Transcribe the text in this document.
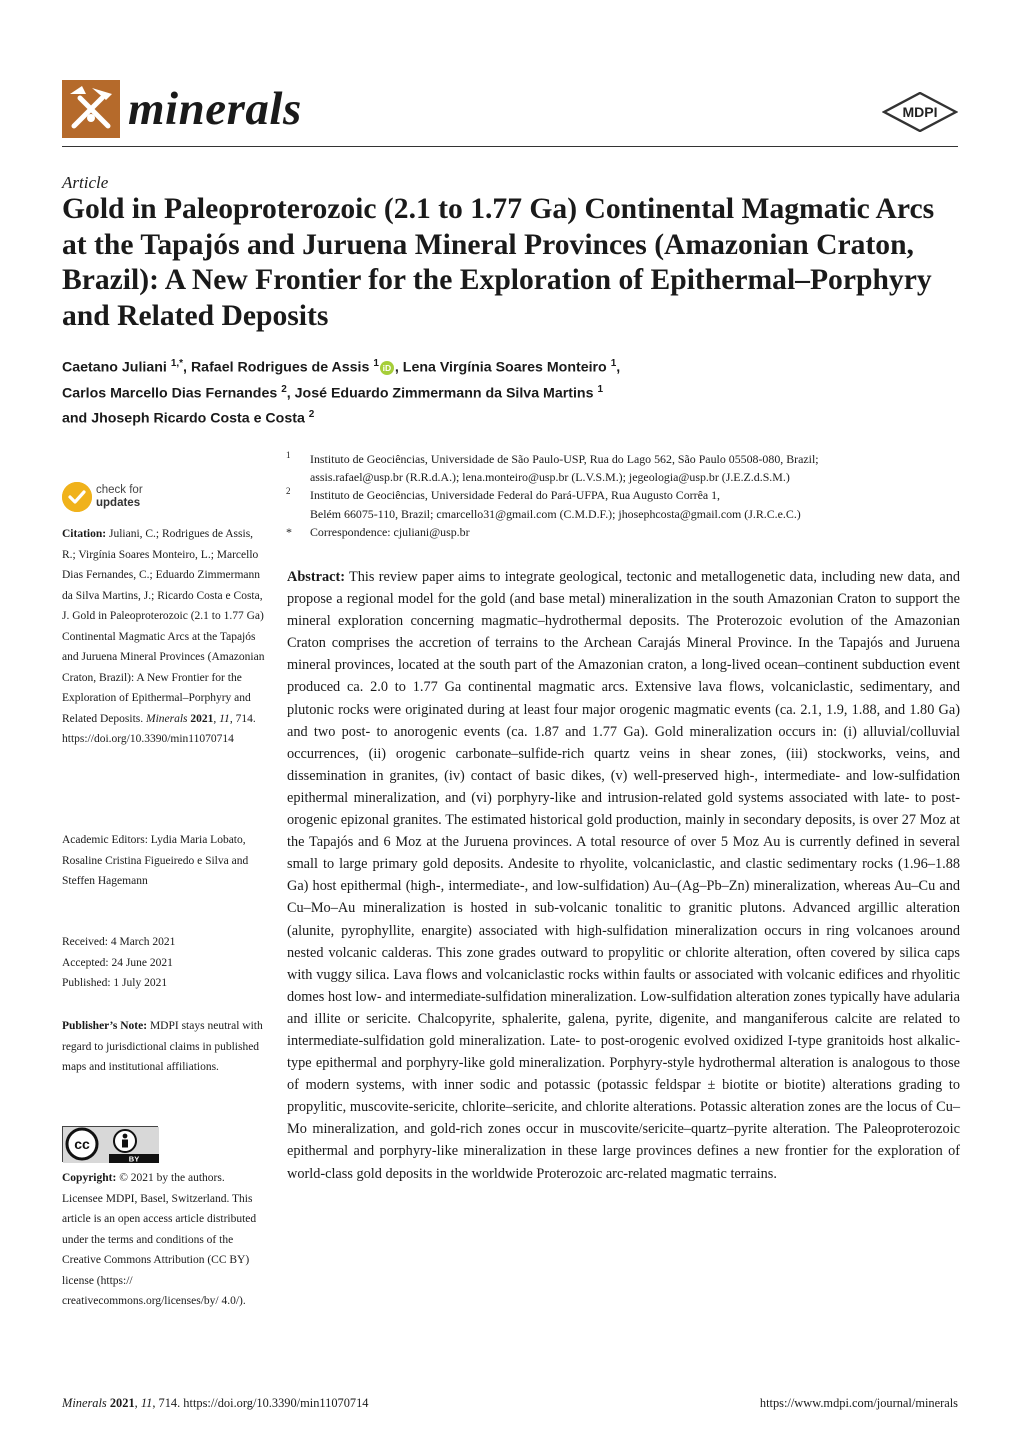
minerals	MDPI
Article
Gold in Paleoproterozoic (2.1 to 1.77 Ga) Continental Magmatic Arcs at the Tapajós and Juruena Mineral Provinces (Amazonian Craton, Brazil): A New Frontier for the Exploration of Epithermal–Porphyry and Related Deposits
Caetano Juliani $^{1,*}$, Rafael Rodrigues de Assis $^1$ iD , Lena Virgínia Soares Monteiro $^1$,
Carlos Marcello Dias Fernandes $^2$, José Eduardo Zimmermann da Silva Martins $^1$
and Jhoseph Ricardo Costa e Costa $^2$
1 Instituto de Geociências, Universidade de São Paulo-USP, Rua do Lago 562, São Paulo 05508-080, Brazil;
assis.rafael@usp.br (R.R.d.A.); lena.monteiro@usp.br (L.V.S.M.); jegeologia@usp.br (J.E.Z.d.S.M.)
2 Instituto de Geociências, Universidade Federal do Pará-UFPA, Rua Augusto Corrêa 1,
Belém 66075-110, Brazil; cmarcello31@gmail.com (C.M.D.F.); jhosephcosta@gmail.com (J.R.C.e.C.)
* Correspondence: cjuliani@usp.br
check for
updates
Citation: Juliani, C.; Rodrigues de Assis, R.; Virgínia Soares Monteiro, L.; Marcello Dias Fernandes, C.; Eduardo Zimmermann da Silva Martins, J.; Ricardo Costa e Costa, J. Gold in Paleoproterozoic (2.1 to 1.77 Ga) Continental Magmatic Arcs at the Tapajós and Juruena Mineral Provinces (Amazonian Craton, Brazil): A New Frontier for the Exploration of Epithermal–Porphyry and Related Deposits. Minerals 2021, 11, 714. https://doi.org/10.3390/min11070714
Academic Editors: Lydia Maria Lobato, Rosaline Cristina Figueiredo e Silva and Steffen Hagemann
Received: 4 March 2021
Accepted: 24 June 2021
Published: 1 July 2021
Publisher’s Note: MDPI stays neutral with regard to jurisdictional claims in published maps and institutional affiliations.
cc
BY
Copyright: © 2021 by the authors. Licensee MDPI, Basel, Switzerland. This article is an open access article distributed under the terms and conditions of the Creative Commons Attribution (CC BY) license (https:// creativecommons.org/licenses/by/ 4.0/).
Abstract: This review paper aims to integrate geological, tectonic and metallogenetic data, including new data, and propose a regional model for the gold (and base metal) mineralization in the south Amazonian Craton to support the mineral exploration concerning magmatic–hydrothermal deposits. The Proterozoic evolution of the Amazonian Craton comprises the accretion of terrains to the Archean Carajás Mineral Province. In the Tapajós and Juruena mineral provinces, located at the south part of the Amazonian craton, a long-lived ocean–continent subduction event produced ca. 2.0 to 1.77 Ga continental magmatic arcs. Extensive lava flows, volcaniclastic, sedimentary, and plutonic rocks were originated during at least four major orogenic magmatic events (ca. 2.1, 1.9, 1.88, and 1.80 Ga) and two post- to anorogenic events (ca. 1.87 and 1.77 Ga). Gold mineralization occurs in: (i) alluvial/colluvial occurrences, (ii) orogenic carbonate–sulfide-rich quartz veins in shear zones, (iii) stockworks, veins, and dissemination in granites, (iv) contact of basic dikes, (v) well-preserved high-, intermediate- and low-sulfidation epithermal mineralization, and (vi) porphyry-like and intrusion-related gold systems associated with late- to post-orogenic epizonal granites. The estimated historical gold production, mainly in secondary deposits, is over 27 Moz at the Tapajós and 6 Moz at the Juruena provinces. A total resource of over 5 Moz Au is currently defined in several small to large primary gold deposits. Andesite to rhyolite, volcaniclastic, and clastic sedimentary rocks (1.96–1.88 Ga) host epithermal (high-, intermediate-, and low-sulfidation) Au–(Ag–Pb–Zn) mineralization, whereas Au–Cu and Cu–Mo–Au mineralization is hosted in sub-volcanic tonalitic to granitic plutons. Advanced argillic alteration (alunite, pyrophyllite, enargite) associated with high-sulfidation mineralization occurs in ring volcanoes around nested volcanic calderas. This zone grades outward to propylitic or chlorite alteration, often covered by silica caps with vuggy silica. Lava flows and volcaniclastic rocks within faults or associated with volcanic edifices and rhyolitic domes host low- and intermediate-sulfidation mineralization. Low-sulfidation alteration zones typically have adularia and illite or sericite. Chalcopyrite, sphalerite, galena, pyrite, digenite, and manganiferous calcite are related to intermediate-sulfidation gold mineralization. Late- to post-orogenic evolved oxidized I-type granitoids host alkalic-type epithermal and porphyry-like gold mineralization. Porphyry-style hydrothermal alteration is analogous to those of modern systems, with inner sodic and potassic (potassic feldspar ± biotite or biotite) alterations grading to propylitic, muscovite-sericite, chlorite–sericite, and chlorite alterations. Potassic alteration zones are the locus of Cu–Mo mineralization, and gold-rich zones occur in muscovite/sericite–quartz–pyrite alteration. The Paleoproterozoic epithermal and porphyry-like mineralization in these large provinces defines a new frontier for the exploration of world-class gold deposits in the worldwide Proterozoic arc-related magmatic terrains.
Minerals 2021, 11, 714. https://doi.org/10.3390/min11070714	https://www.mdpi.com/journal/minerals
